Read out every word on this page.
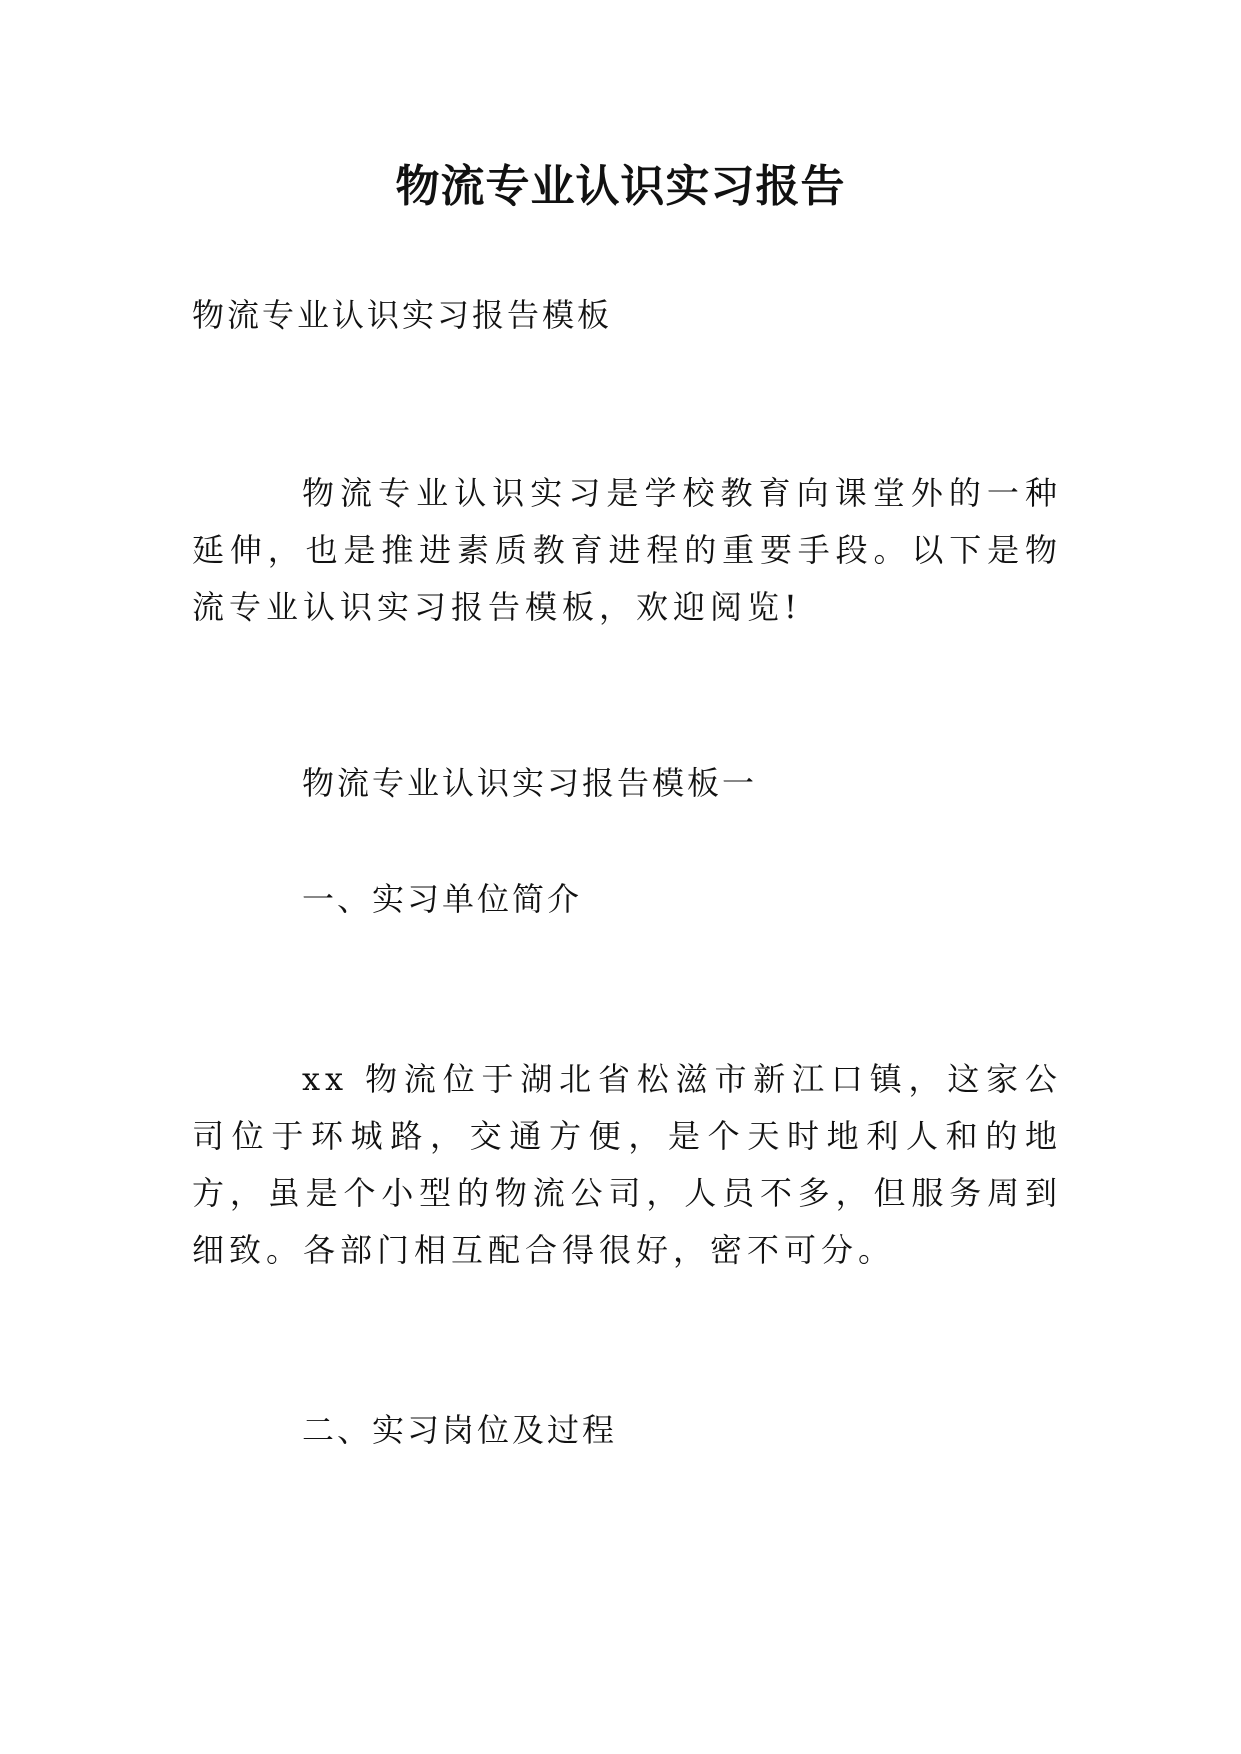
物流专业认识实习报告
物流专业认识实习报告模板
物流专业认识实习是学校教育向课堂外的一种延伸，也是推进素质教育进程的重要手段。以下是物流专业认识实习报告模板，欢迎阅览!
物流专业认识实习报告模板一
一、实习单位简介
xx 物流位于湖北省松滋市新江口镇，这家公司位于环城路，交通方便，是个天时地利人和的地方，虽是个小型的物流公司，人员不多，但服务周到细致。各部门相互配合得很好，密不可分。
二、实习岗位及过程
